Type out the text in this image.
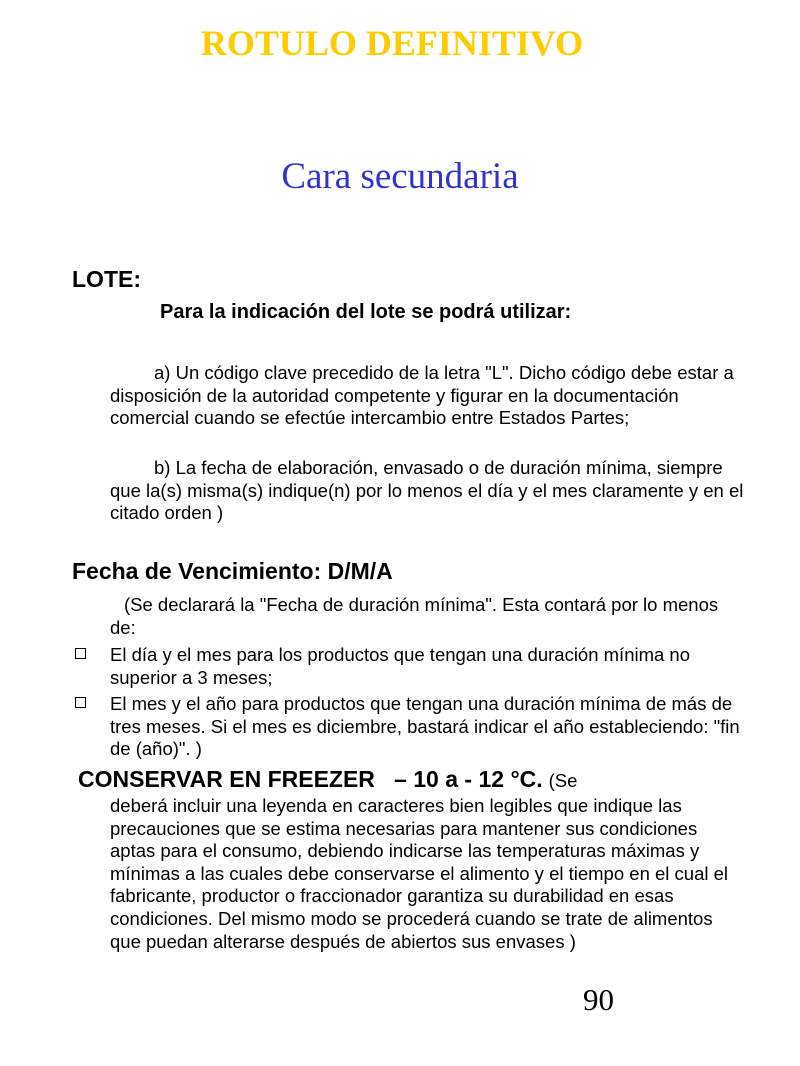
ROTULO DEFINITIVO
Cara secundaria
LOTE:
Para la indicación del lote se podrá utilizar:
a) Un código clave precedido de la letra "L". Dicho código debe estar a disposición de la autoridad competente y figurar en la documentación comercial cuando se efectúe intercambio entre Estados Partes;
b) La fecha de elaboración, envasado o de duración mínima, siempre que la(s) misma(s) indique(n) por lo menos el día y el mes claramente y en el citado orden )
Fecha de Vencimiento: D/M/A
(Se declarará la "Fecha de duración mínima". Esta contará por lo menos de:
El día y el mes para los productos que tengan una duración mínima no superior a 3 meses;
El mes y el año para productos que tengan una duración mínima de más de tres meses. Si el mes es diciembre, bastará indicar el año estableciendo: "fin de (año)". )
CONSERVAR EN FREEZER   – 10 a - 12 °C. (Se
deberá incluir una leyenda en caracteres bien legibles que indique las precauciones que se estima necesarias para mantener sus condiciones aptas para el consumo, debiendo indicarse las temperaturas máximas y mínimas a las cuales debe conservarse el alimento y el tiempo en el cual el fabricante, productor o fraccionador garantiza su durabilidad en esas condiciones. Del mismo modo se procederá cuando se trate de alimentos que puedan alterarse después de abiertos sus envases )
90
